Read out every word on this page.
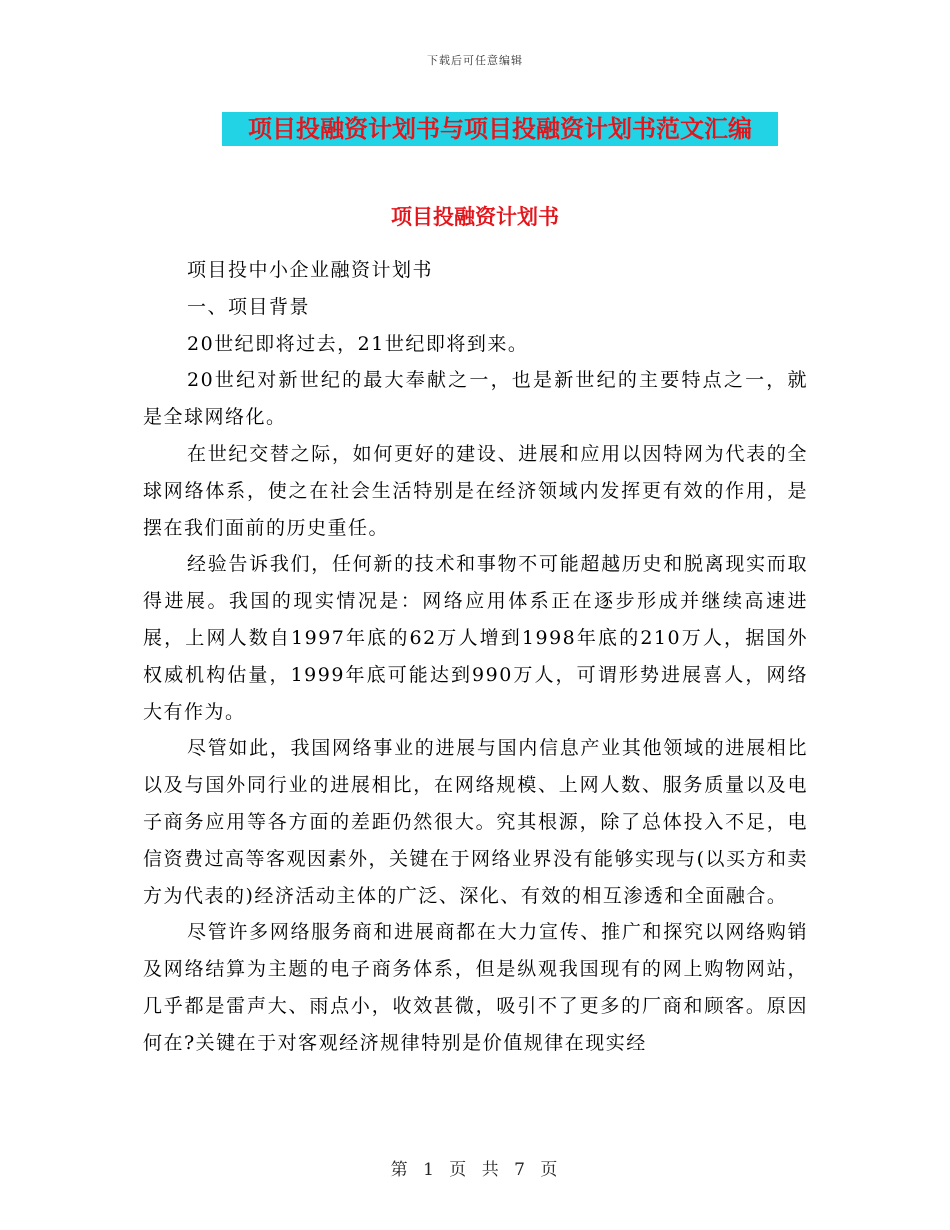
下载后可任意编辑
项目投融资计划书与项目投融资计划书范文汇编
项目投融资计划书

项目投中小企业融资计划书

一、项目背景

20世纪即将过去，21世纪即将到来。

20世纪对新世纪的最大奉献之一，也是新世纪的主要特点之一，就是全球网络化。

在世纪交替之际，如何更好的建设、进展和应用以因特网为代表的全球网络体系，使之在社会生活特别是在经济领域内发挥更有效的作用，是摆在我们面前的历史重任。

经验告诉我们，任何新的技术和事物不可能超越历史和脱离现实而取得进展。我国的现实情况是：网络应用体系正在逐步形成并继续高速进展，上网人数自1997年底的62万人增到1998年底的210万人，据国外权威机构估量，1999年底可能达到990万人，可谓形势进展喜人，网络大有作为。

尽管如此，我国网络事业的进展与国内信息产业其他领域的进展相比以及与国外同行业的进展相比，在网络规模、上网人数、服务质量以及电子商务应用等各方面的差距仍然很大。究其根源，除了总体投入不足，电信资费过高等客观因素外，关键在于网络业界没有能够实现与(以买方和卖方为代表的)经济活动主体的广泛、深化、有效的相互渗透和全面融合。

尽管许多网络服务商和进展商都在大力宣传、推广和探究以网络购销及网络结算为主题的电子商务体系，但是纵观我国现有的网上购物网站，几乎都是雷声大、雨点小，收效甚微，吸引不了更多的厂商和顾客。原因何在?关键在于对客观经济规律特别是价值规律在现实经

第 1 页 共 7 页
